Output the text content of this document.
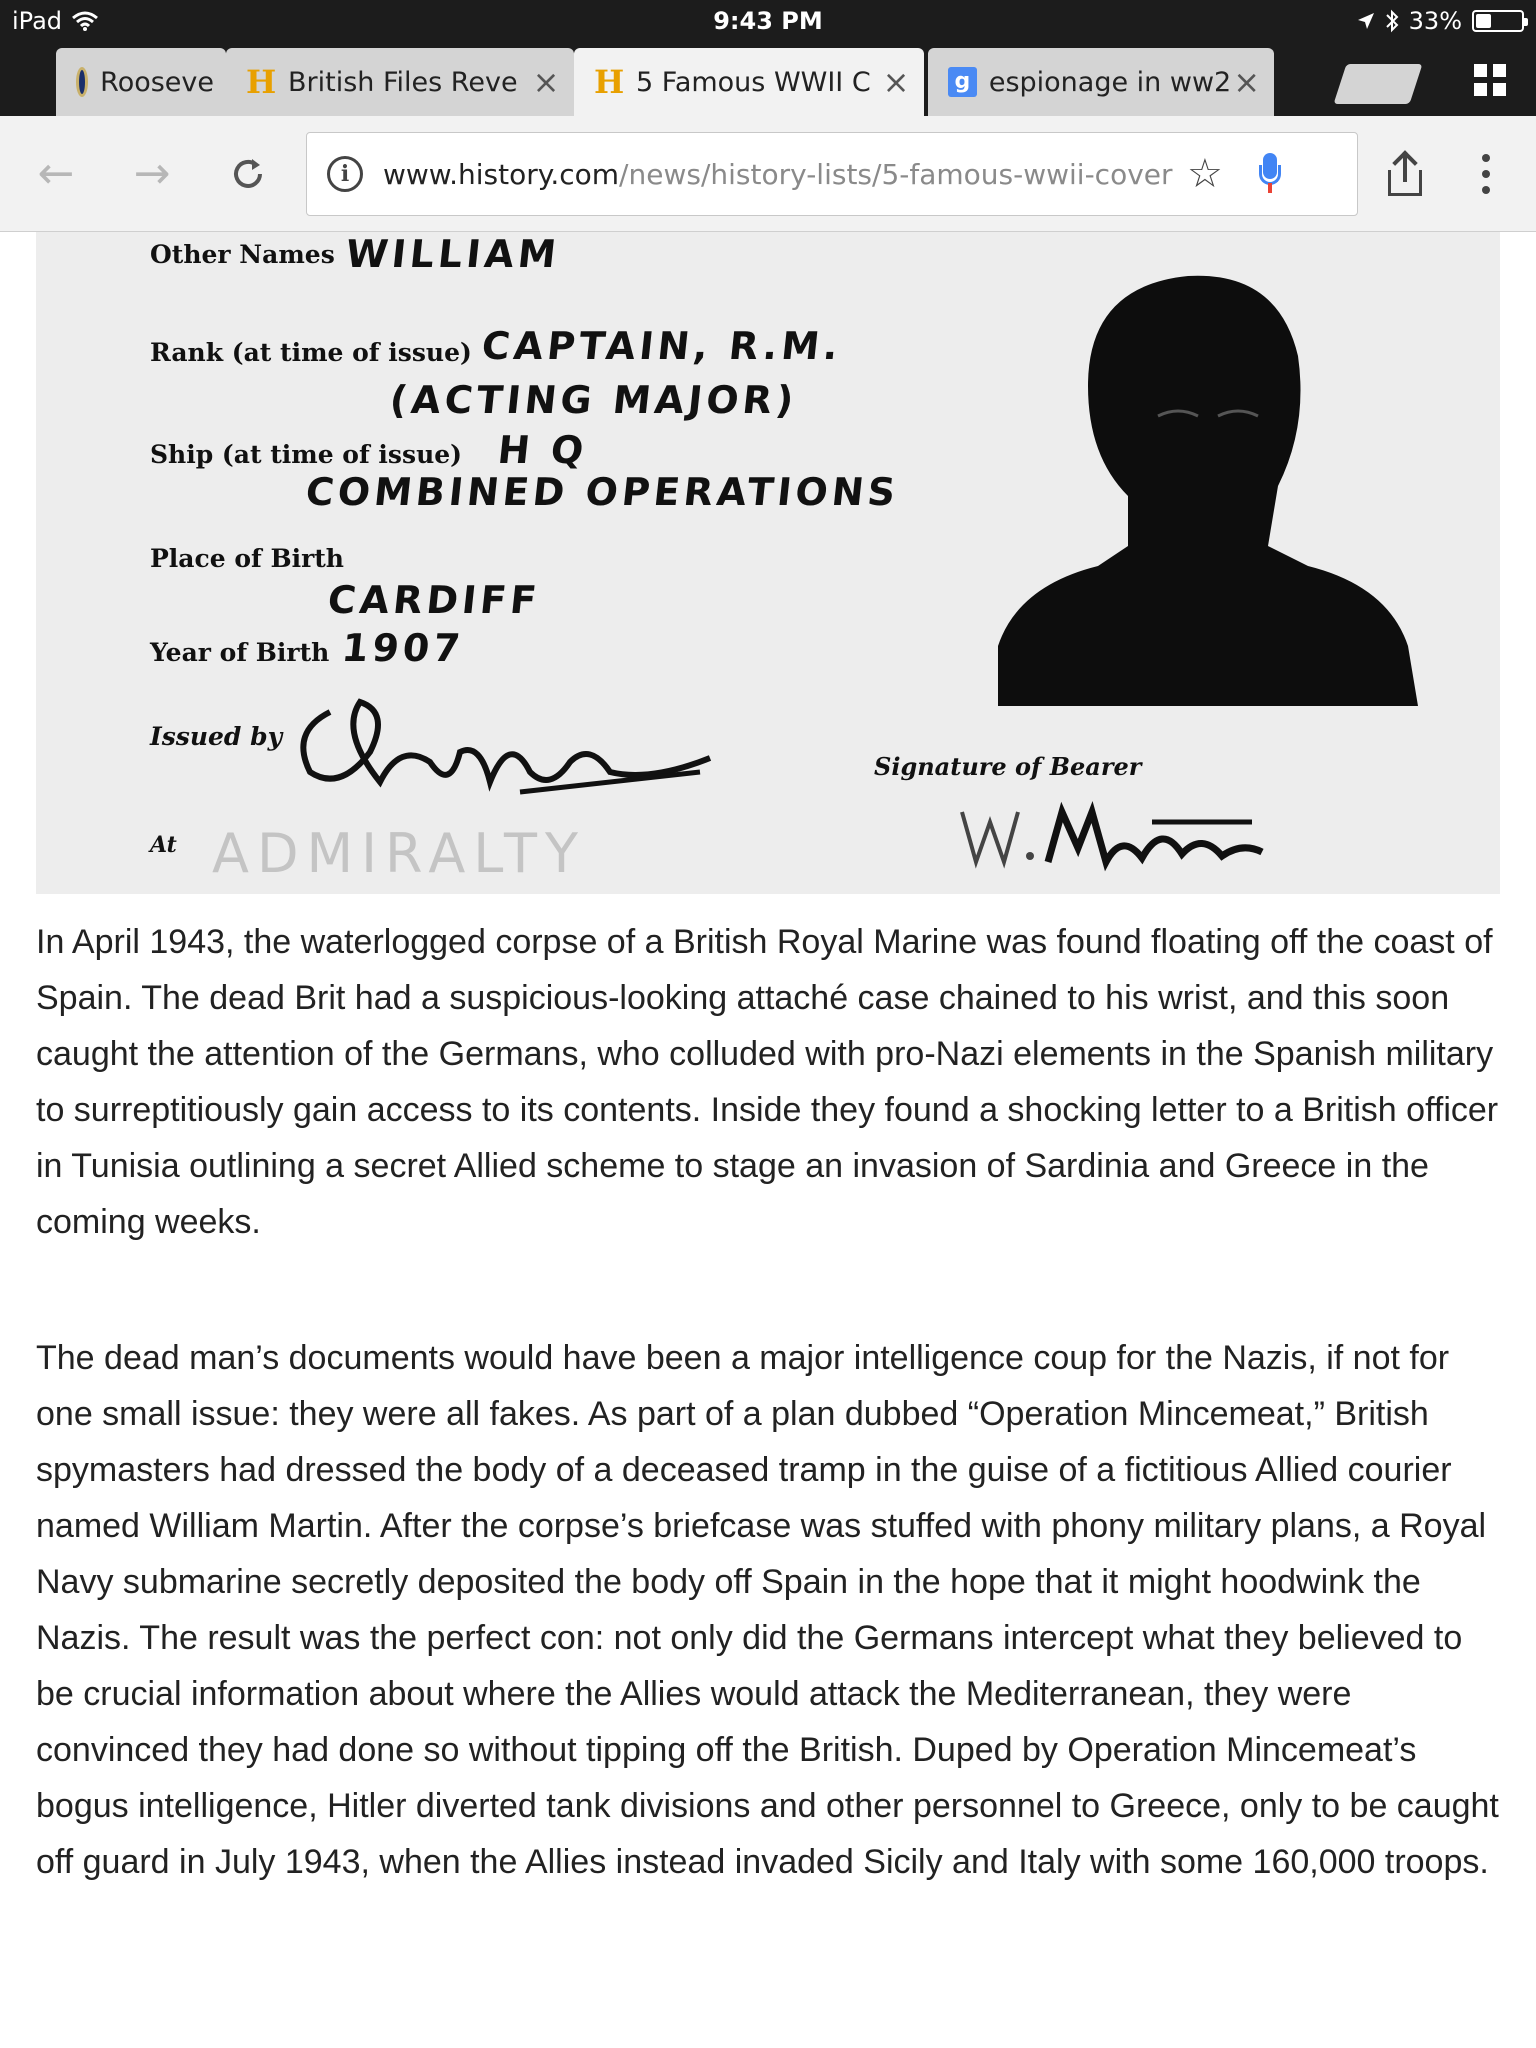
iPad	9:43 PM	33%
Rooseve H British Files Reve × H 5 Famous WWII C × g espionage in ww2 ×
← →	i	www.history.com/news/history-lists/5-famous-wwii-cover ☆
Other Names WILLIAM
Rank (at time of issue) CAPTAIN, R.M.
(ACTING MAJOR)
Ship (at time of issue) H Q
COMBINED OPERATIONS
Place of Birth
CARDIFF
Year of Birth 1907
Issued by
At ADMIRALTY
Signature of Bearer

In April 1943, the waterlogged corpse of a British Royal Marine was found floating off the coast of Spain. The dead Brit had a suspicious-looking attaché case chained to his wrist, and this soon caught the attention of the Germans, who colluded with pro-Nazi elements in the Spanish military to surreptitiously gain access to its contents. Inside they found a shocking letter to a British officer in Tunisia outlining a secret Allied scheme to stage an invasion of Sardinia and Greece in the coming weeks.

The dead man’s documents would have been a major intelligence coup for the Nazis, if not for one small issue: they were all fakes. As part of a plan dubbed “Operation Mincemeat,” British spymasters had dressed the body of a deceased tramp in the guise of a fictitious Allied courier named William Martin. After the corpse’s briefcase was stuffed with phony military plans, a Royal Navy submarine secretly deposited the body off Spain in the hope that it might hoodwink the Nazis. The result was the perfect con: not only did the Germans intercept what they believed to be crucial information about where the Allies would attack the Mediterranean, they were convinced they had done so without tipping off the British. Duped by Operation Mincemeat’s bogus intelligence, Hitler diverted tank divisions and other personnel to Greece, only to be caught off guard in July 1943, when the Allies instead invaded Sicily and Italy with some 160,000 troops.
